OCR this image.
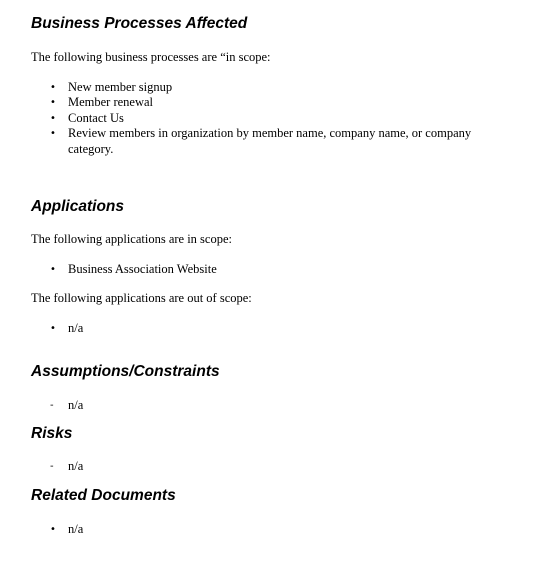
Business Processes Affected

The following business processes are “in scope:

• New member signup
• Member renewal
• Contact Us
• Review members in organization by member name, company name, or company category.
Applications

The following applications are in scope:

• Business Association Website

The following applications are out of scope:

• n/a
Assumptions/Constraints
- n/a
Risks
- n/a
Related Documents
• n/a
